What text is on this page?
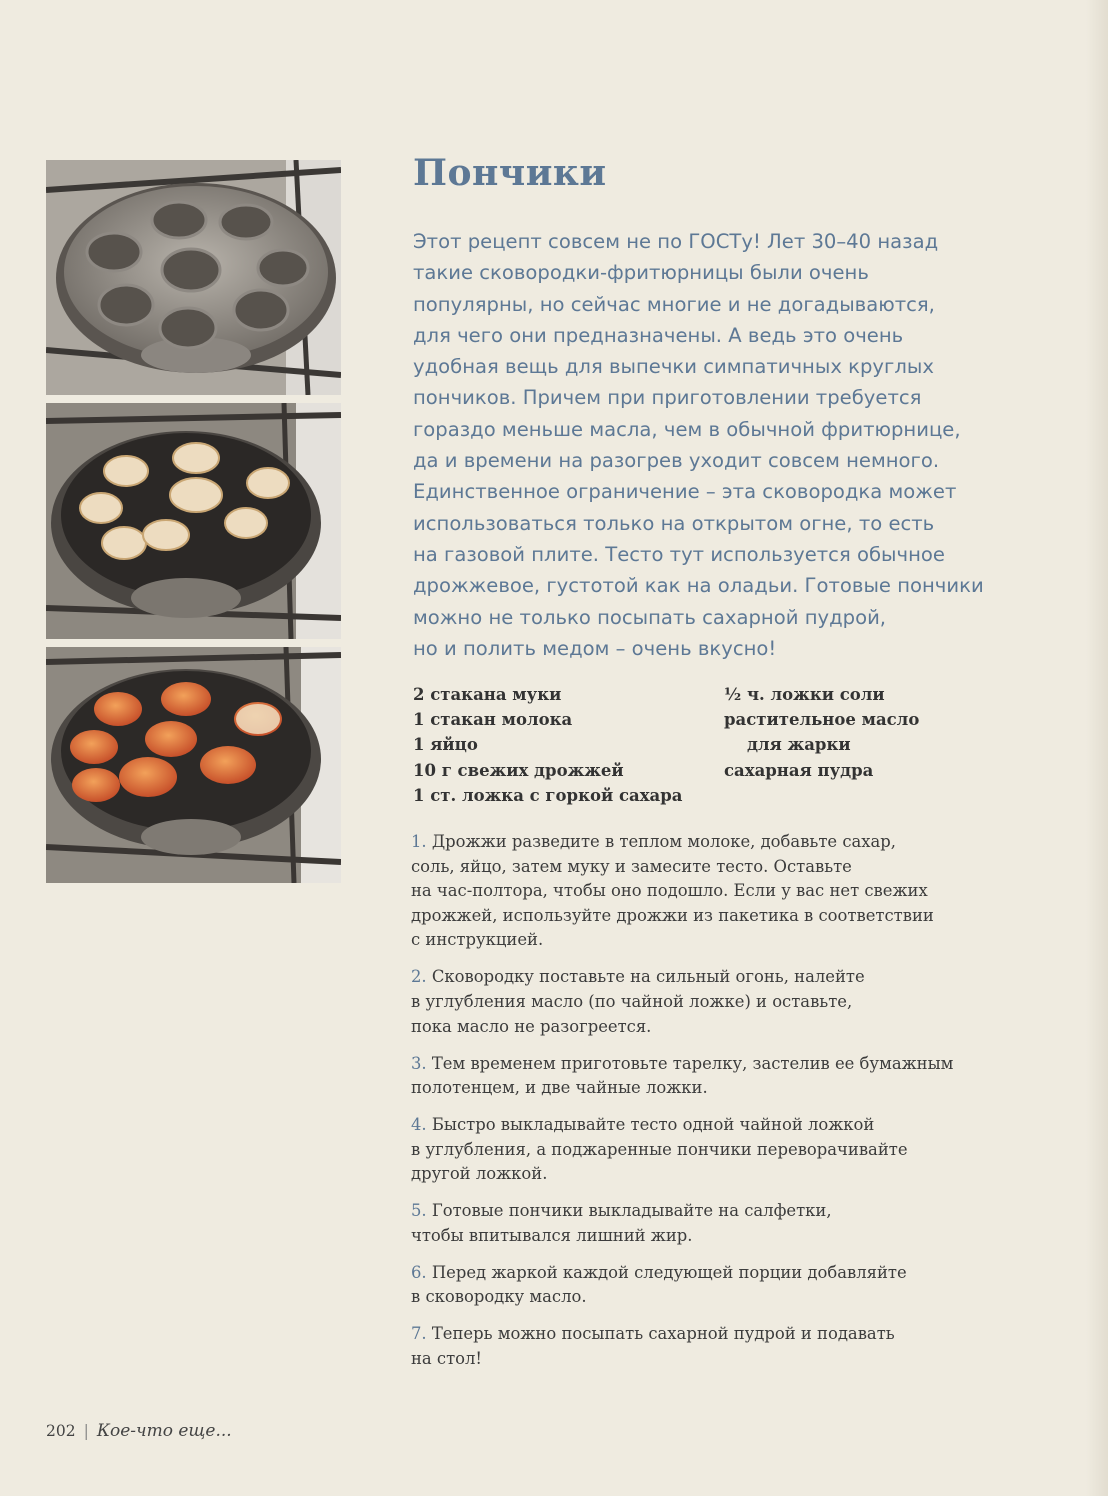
Пончики
Этот рецепт совсем не по ГОСТу! Лет 30–40 назад
такие сковородки-фритюрницы были очень
популярны, но сейчас многие и не догадываются,
для чего они предназначены. А ведь это очень
удобная вещь для выпечки симпатичных круглых
пончиков. Причем при приготовлении требуется
гораздо меньше масла, чем в обычной фритюрнице,
да и времени на разогрев уходит совсем немного.
Единственное ограничение – эта сковородка может
использоваться только на открытом огне, то есть
на газовой плите. Тесто тут используется обычное
дрожжевое, густотой как на оладьи. Готовые пончики
можно не только посыпать сахарной пудрой,
но и полить медом – очень вкусно!
2 стакана муки
1 стакан молока
1 яйцо
10 г свежих дрожжей
1 ст. ложка с горкой сахара
½ ч. ложки соли
растительное масло
для жарки
сахарная пудра
1. Дрожжи разведите в теплом молоке, добавьте сахар,
соль, яйцо, затем муку и замесите тесто. Оставьте
на час-полтора, чтобы оно подошло. Если у вас нет свежих
дрожжей, используйте дрожжи из пакетика в соответствии
с инструкцией.
2. Сковородку поставьте на сильный огонь, налейте
в углубления масло (по чайной ложке) и оставьте,
пока масло не разогреется.
3. Тем временем приготовьте тарелку, застелив ее бумажным
полотенцем, и две чайные ложки.
4. Быстро выкладывайте тесто одной чайной ложкой
в углубления, а поджаренные пончики переворачивайте
другой ложкой.
5. Готовые пончики выкладывайте на салфетки,
чтобы впитывался лишний жир.
6. Перед жаркой каждой следующей порции добавляйте
в сковородку масло.
7. Теперь можно посыпать сахарной пудрой и подавать
на стол!
202 | Кое-что еще...
